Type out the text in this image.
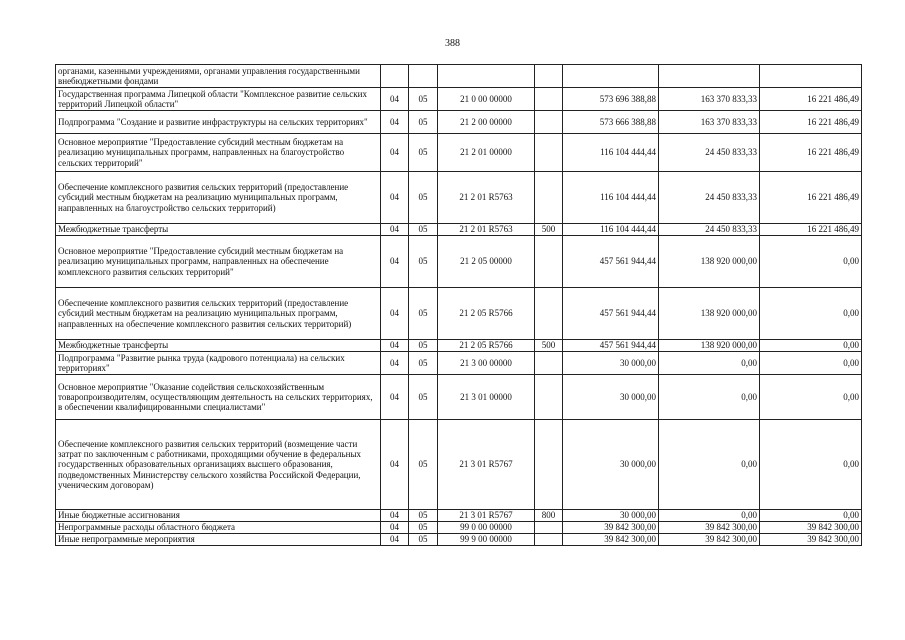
388
органами, казенными учреждениями, органами управления государственными внебюджетными фондами							
Государственная программа Липецкой области "Комплексное развитие сельских территорий Липецкой области"	04	05	21 0 00 00000		573 696 388,88	163 370 833,33	16 221 486,49
Подпрограмма "Создание и развитие инфраструктуры на сельских территориях"	04	05	21 2 00 00000		573 666 388,88	163 370 833,33	16 221 486,49
Основное мероприятие "Предоставление субсидий местным бюджетам на реализацию муниципальных программ, направленных на благоустройство сельских территорий"	04	05	21 2 01 00000		116 104 444,44	24 450 833,33	16 221 486,49
Обеспечение комплексного развития сельских территорий (предоставление субсидий местным бюджетам на реализацию муниципальных программ, направленных на благоустройство сельских территорий)	04	05	21 2 01 R5763		116 104 444,44	24 450 833,33	16 221 486,49
Межбюджетные трансферты	04	05	21 2 01 R5763	500	116 104 444,44	24 450 833,33	16 221 486,49
Основное мероприятие "Предоставление субсидий местным бюджетам на реализацию муниципальных программ, направленных на обеспечение комплексного развития сельских территорий"	04	05	21 2 05 00000		457 561 944,44	138 920 000,00	0,00
Обеспечение комплексного развития сельских территорий (предоставление субсидий местным бюджетам на реализацию муниципальных программ, направленных на обеспечение комплексного развития сельских территорий)	04	05	21 2 05 R5766		457 561 944,44	138 920 000,00	0,00
Межбюджетные трансферты	04	05	21 2 05 R5766	500	457 561 944,44	138 920 000,00	0,00
Подпрограмма "Развитие рынка труда (кадрового потенциала) на сельских территориях"	04	05	21 3 00 00000		30 000,00	0,00	0,00
Основное мероприятие "Оказание содействия сельскохозяйственным товаропроизводителям, осуществляющим деятельность на сельских территориях, в обеспечении квалифицированными специалистами"	04	05	21 3 01 00000		30 000,00	0,00	0,00
Обеспечение комплексного развития сельских территорий (возмещение части затрат по заключенным с работниками, проходящими обучение в федеральных государственных образовательных организациях высшего образования, подведомственных Министерству сельского хозяйства Российской Федерации, ученическим договорам)	04	05	21 3 01 R5767		30 000,00	0,00	0,00
Иные бюджетные ассигнования	04	05	21 3 01 R5767	800	30 000,00	0,00	0,00
Непрограммные расходы областного бюджета	04	05	99 0 00 00000		39 842 300,00	39 842 300,00	39 842 300,00
Иные непрограммные мероприятия	04	05	99 9 00 00000		39 842 300,00	39 842 300,00	39 842 300,00
